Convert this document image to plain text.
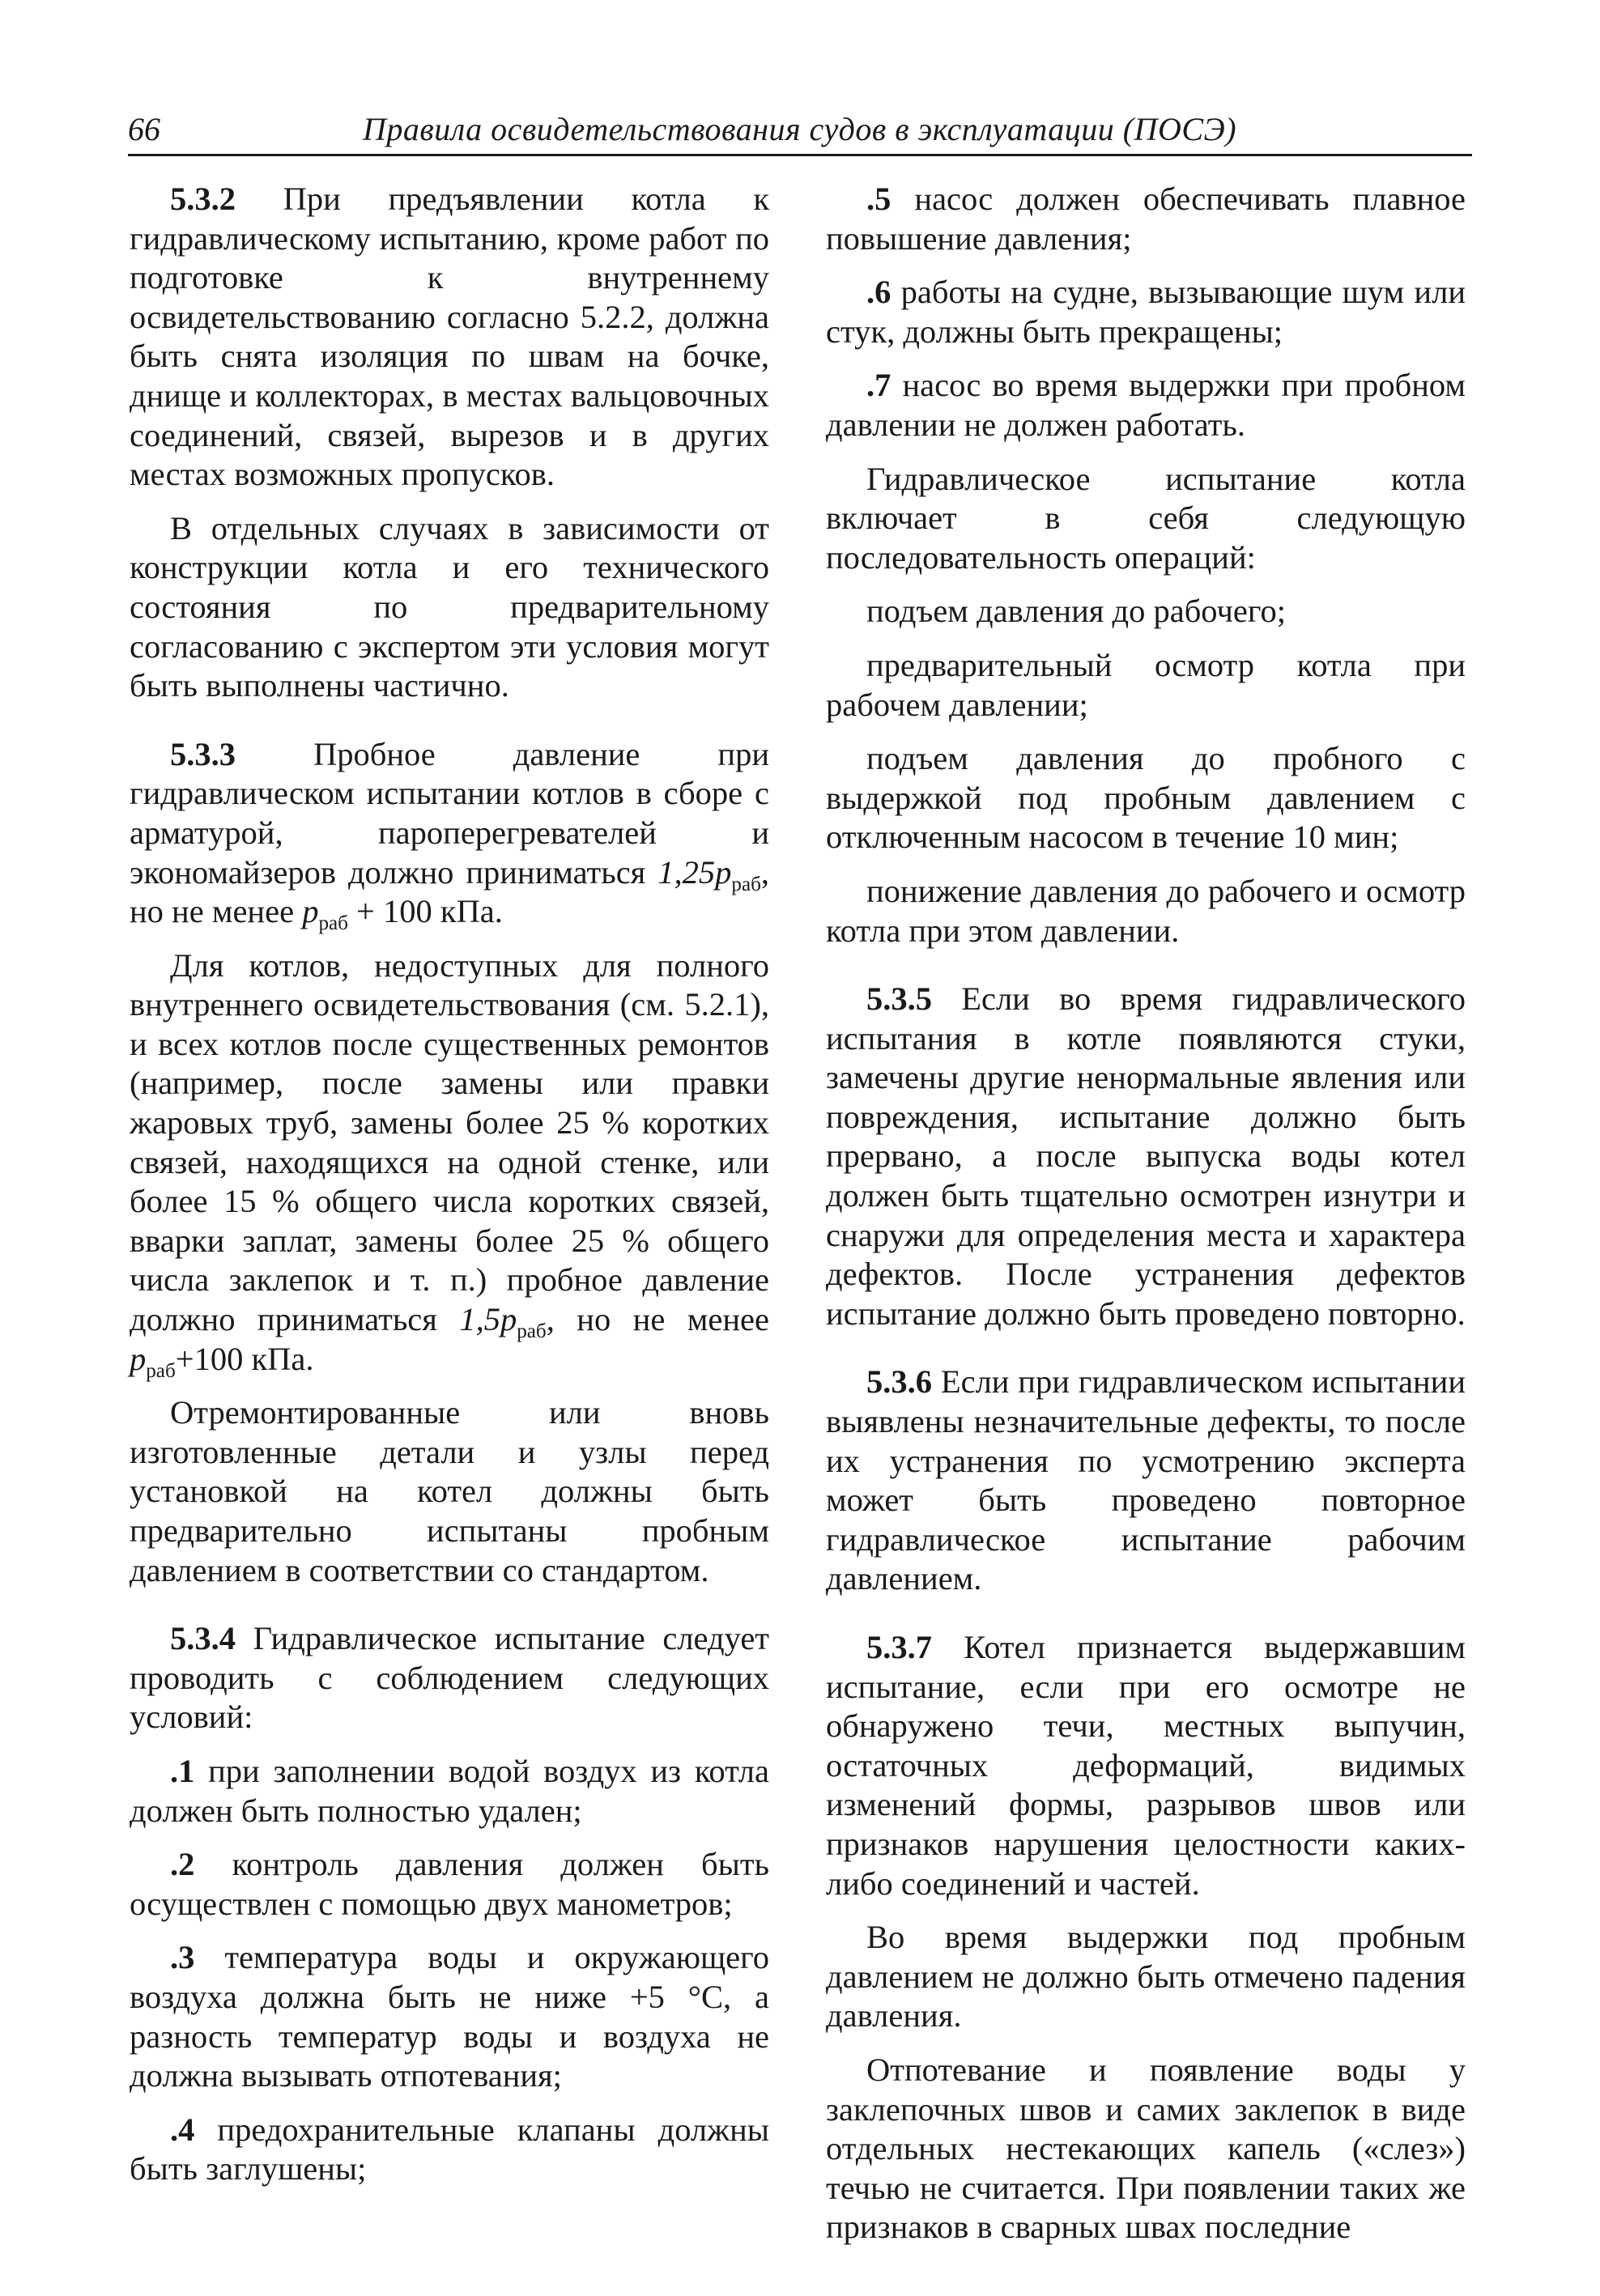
66	Правила освидетельствования судов в эксплуатации (ПОСЭ)

5.3.2 При предъявлении котла к гидравлическому испытанию, кроме работ по подготовке к внутреннему освидетельствованию согласно 5.2.2, должна быть снята изоляция по швам на бочке, днище и коллекторах, в местах вальцовочных соединений, связей, вырезов и в других местах возможных пропусков.

В отдельных случаях в зависимости от конструкции котла и его технического состояния по предварительному согласованию с экспертом эти условия могут быть выполнены частично.

5.3.3 Пробное давление при гидравлическом испытании котлов в сборе с арматурой, пароперегревателей и экономайзеров должно приниматься $1,25p_{раб}$, но не менее $p_{раб} + 100$ кПа.

Для котлов, недоступных для полного внутреннего освидетельствования (см. 5.2.1), и всех котлов после существенных ремонтов (например, после замены или правки жаровых труб, замены более 25 % коротких связей, находящихся на одной стенке, или более 15 % общего числа коротких связей, вварки заплат, замены более 25 % общего числа заклепок и т. п.) пробное давление должно приниматься $1,5p_{раб}$, но не менее $p_{раб}+100$ кПа.

Отремонтированные или вновь изготовленные детали и узлы перед установкой на котел должны быть предварительно испытаны пробным давлением в соответствии со стандартом.

5.3.4 Гидравлическое испытание следует проводить с соблюдением следующих условий:

.1 при заполнении водой воздух из котла должен быть полностью удален;

.2 контроль давления должен быть осуществлен с помощью двух манометров;

.3 температура воды и окружающего воздуха должна быть не ниже +5 °С, а разность температур воды и воздуха не должна вызывать отпотевания;

.4 предохранительные клапаны должны быть заглушены;

.5 насос должен обеспечивать плавное повышение давления;

.6 работы на судне, вызывающие шум или стук, должны быть прекращены;

.7 насос во время выдержки при пробном давлении не должен работать.

Гидравлическое испытание котла включает в себя следующую последовательность операций:

подъем давления до рабочего;

предварительный осмотр котла при рабочем давлении;

подъем давления до пробного с выдержкой под пробным давлением с отключенным насосом в течение 10 мин;

понижение давления до рабочего и осмотр котла при этом давлении.

5.3.5 Если во время гидравлического испытания в котле появляются стуки, замечены другие ненормальные явления или повреждения, испытание должно быть прервано, а после выпуска воды котел должен быть тщательно осмотрен изнутри и снаружи для определения места и характера дефектов. После устранения дефектов испытание должно быть проведено повторно.

5.3.6 Если при гидравлическом испытании выявлены незначительные дефекты, то после их устранения по усмотрению эксперта может быть проведено повторное гидравлическое испытание рабочим давлением.

5.3.7 Котел признается выдержавшим испытание, если при его осмотре не обнаружено течи, местных выпучин, остаточных деформаций, видимых изменений формы, разрывов швов или признаков нарушения целостности каких-либо соединений и частей.

Во время выдержки под пробным давлением не должно быть отмечено падения давления.

Отпотевание и появление воды у заклепочных швов и самих заклепок в виде отдельных нестекающих капель («слез») течью не считается. При появлении таких же признаков в сварных швах последние
